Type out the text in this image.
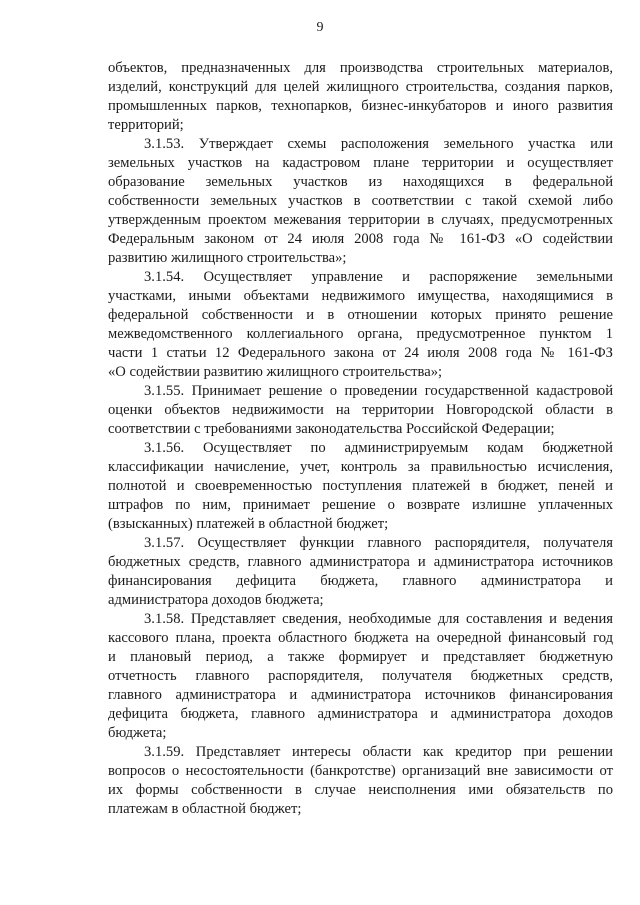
9

объектов, предназначенных для производства строительных материалов,
изделий, конструкций для целей жилищного строительства, создания парков,
промышленных парков, технопарков, бизнес-инкубаторов и иного развития
территорий;

3.1.53. Утверждает схемы расположения земельного участка или
земельных участков на кадастровом плане территории и осуществляет
образование земельных участков из находящихся в федеральной
собственности земельных участков в соответствии с такой схемой либо
утвержденным проектом межевания территории в случаях, предусмотренных
Федеральным законом от 24 июля 2008 года № 161-ФЗ «О содействии
развитию жилищного строительства»;

3.1.54. Осуществляет управление и распоряжение земельными
участками, иными объектами недвижимого имущества, находящимися в
федеральной собственности и в отношении которых принято решение
межведомственного коллегиального органа, предусмотренное пунктом 1
части 1 статьи 12 Федерального закона от 24 июля 2008 года № 161-ФЗ
«О содействии развитию жилищного строительства»;

3.1.55. Принимает решение о проведении государственной кадастровой
оценки объектов недвижимости на территории Новгородской области в
соответствии с требованиями законодательства Российской Федерации;

3.1.56. Осуществляет по администрируемым кодам бюджетной
классификации начисление, учет, контроль за правильностью исчисления,
полнотой и своевременностью поступления платежей в бюджет, пеней и
штрафов по ним, принимает решение о возврате излишне уплаченных
(взысканных) платежей в областной бюджет;

3.1.57. Осуществляет функции главного распорядителя, получателя
бюджетных средств, главного администратора и администратора источников
финансирования дефицита бюджета, главного администратора и
администратора доходов бюджета;

3.1.58. Представляет сведения, необходимые для составления и ведения
кассового плана, проекта областного бюджета на очередной финансовый год
и плановый период, а также формирует и представляет бюджетную
отчетность главного распорядителя, получателя бюджетных средств,
главного администратора и администратора источников финансирования
дефицита бюджета, главного администратора и администратора доходов
бюджета;

3.1.59. Представляет интересы области как кредитор при решении
вопросов о несостоятельности (банкротстве) организаций вне зависимости от
их формы собственности в случае неисполнения ими обязательств по
платежам в областной бюджет;
